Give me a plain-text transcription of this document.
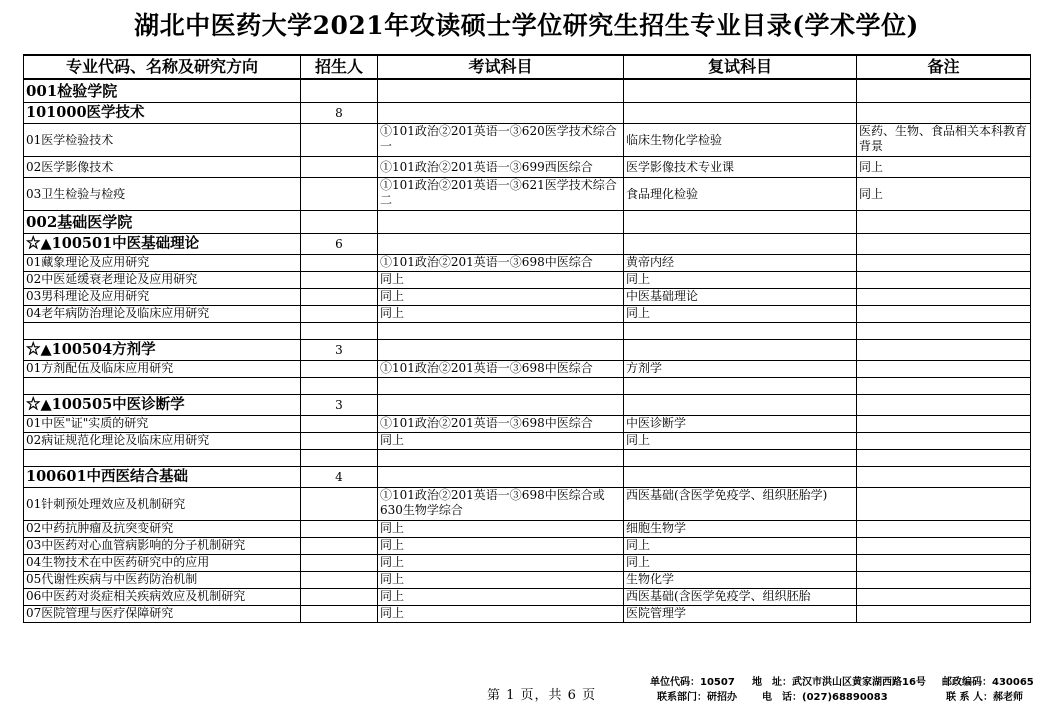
湖北中医药大学2021年攻读硕士学位研究生招生专业目录(学术学位)
专业代码、名称及研究方向	招生人	考试科目	复试科目	备注
001检验学院				
101000医学技术	8			
01医学检验技术		①101政治②201英语一③620医学技术综合一	临床生物化学检验	医药、生物、食品相关本科教育背景
02医学影像技术		①101政治②201英语一③699西医综合	医学影像技术专业课	同上
03卫生检验与检疫		①101政治②201英语一③621医学技术综合二	食品理化检验	同上
002基础医学院				
☆▲100501中医基础理论	6			
01藏象理论及应用研究		①101政治②201英语一③698中医综合	黄帝内经	
02中医延缓衰老理论及应用研究		同上	同上	
03男科理论及应用研究		同上	中医基础理论	
04老年病防治理论及临床应用研究		同上	同上	

☆▲100504方剂学	3			
01方剂配伍及临床应用研究		①101政治②201英语一③698中医综合	方剂学	

☆▲100505中医诊断学	3			
01中医"证"实质的研究		①101政治②201英语一③698中医综合	中医诊断学	
02病证规范化理论及临床应用研究		同上	同上	

100601中西医结合基础	4			
01针刺预处理效应及机制研究		①101政治②201英语一③698中医综合或630生物学综合	西医基础(含医学免疫学、组织胚胎学)	
02中药抗肿瘤及抗突变研究		同上	细胞生物学	
03中医药对心血管病影响的分子机制研究		同上	同上	
04生物技术在中医药研究中的应用		同上	同上	
05代谢性疾病与中医药防治机制		同上	生物化学	
06中医药对炎症相关疾病效应及机制研究		同上	西医基础(含医学免疫学、组织胚胎	
07医院管理与医疗保障研究		同上	医院管理学	
第 1 页，共 6 页
单位代码：10507 地　址：武汉市洪山区黄家湖西路16号 邮政编码：430065
联系部门：研招办	电　话：(027)68890083	联 系 人：郝老师
